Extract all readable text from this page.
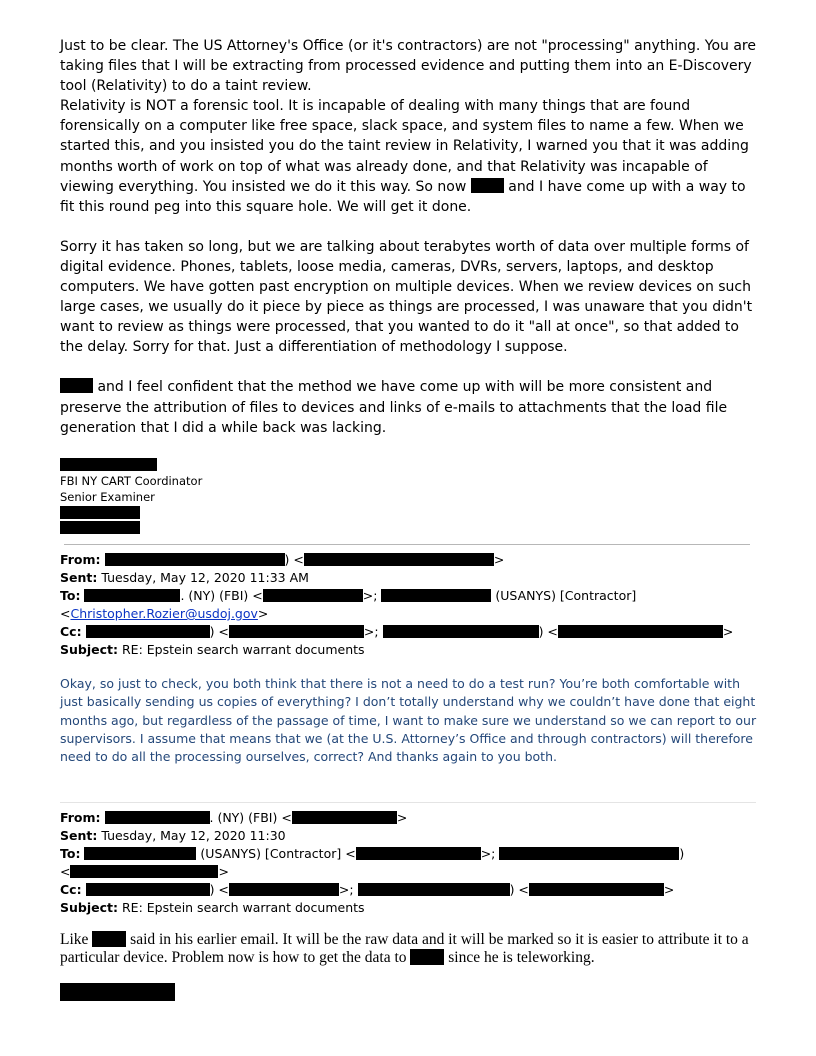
Just to be clear. The US Attorney's Office (or it's contractors) are not "processing" anything. You are taking files that I will be extracting from processed evidence and putting them into an E-Discovery tool (Relativity) to do a taint review.

Relativity is NOT a forensic tool. It is incapable of dealing with many things that are found forensically on a computer like free space, slack space, and system files to name a few. When we started this, and you insisted you do the taint review in Relativity, I warned you that it was adding months worth of work on top of what was already done, and that Relativity was incapable of viewing everything. You insisted we do it this way. So now	and I have come up with a way to fit this round peg into this square hole. We will get it done.

Sorry it has taken so long, but we are talking about terabytes worth of data over multiple forms of digital evidence. Phones, tablets, loose media, cameras, DVRs, servers, laptops, and desktop computers. We have gotten past encryption on multiple devices. When we review devices on such large cases, we usually do it piece by piece as things are processed, I was unaware that you didn't want to review as things were processed, that you wanted to do it "all at once", so that added to the delay. Sorry for that. Just a differentiation of methodology I suppose.

and I feel confident that the method we have come up with will be more consistent and preserve the attribution of files to devices and links of e-mails to attachments that the load file generation that I did a while back was lacking.

FBI NY CART Coordinator
Senior Examiner
From:	) <	>
Sent: Tuesday, May 12, 2020 11:33 AM
To:	. (NY) (FBI) <	>;	(USANYS) [Contractor]
<Christopher.Rozier@usdoj.gov>
Cc:	) <	>;	) <	>
Subject: RE: Epstein search warrant documents
Okay, so just to check, you both think that there is not a need to do a test run? You’re both comfortable with just basically sending us copies of everything? I don’t totally understand why we couldn’t have done that eight months ago, but regardless of the passage of time, I want to make sure we understand so we can report to our supervisors. I assume that means that we (at the U.S. Attorney’s Office and through contractors) will therefore need to do all the processing ourselves, correct? And thanks again to you both.
From:	. (NY) (FBI) <	>
Sent: Tuesday, May 12, 2020 11:30
To:	(USANYS) [Contractor] <	>;	)
<	>
Cc:	) <	>;	) <	>
Subject: RE: Epstein search warrant documents
Like	said in his earlier email. It will be the raw data and it will be marked so it is easier to attribute it to a particular device. Problem now is how to get the data to	since he is teleworking.
